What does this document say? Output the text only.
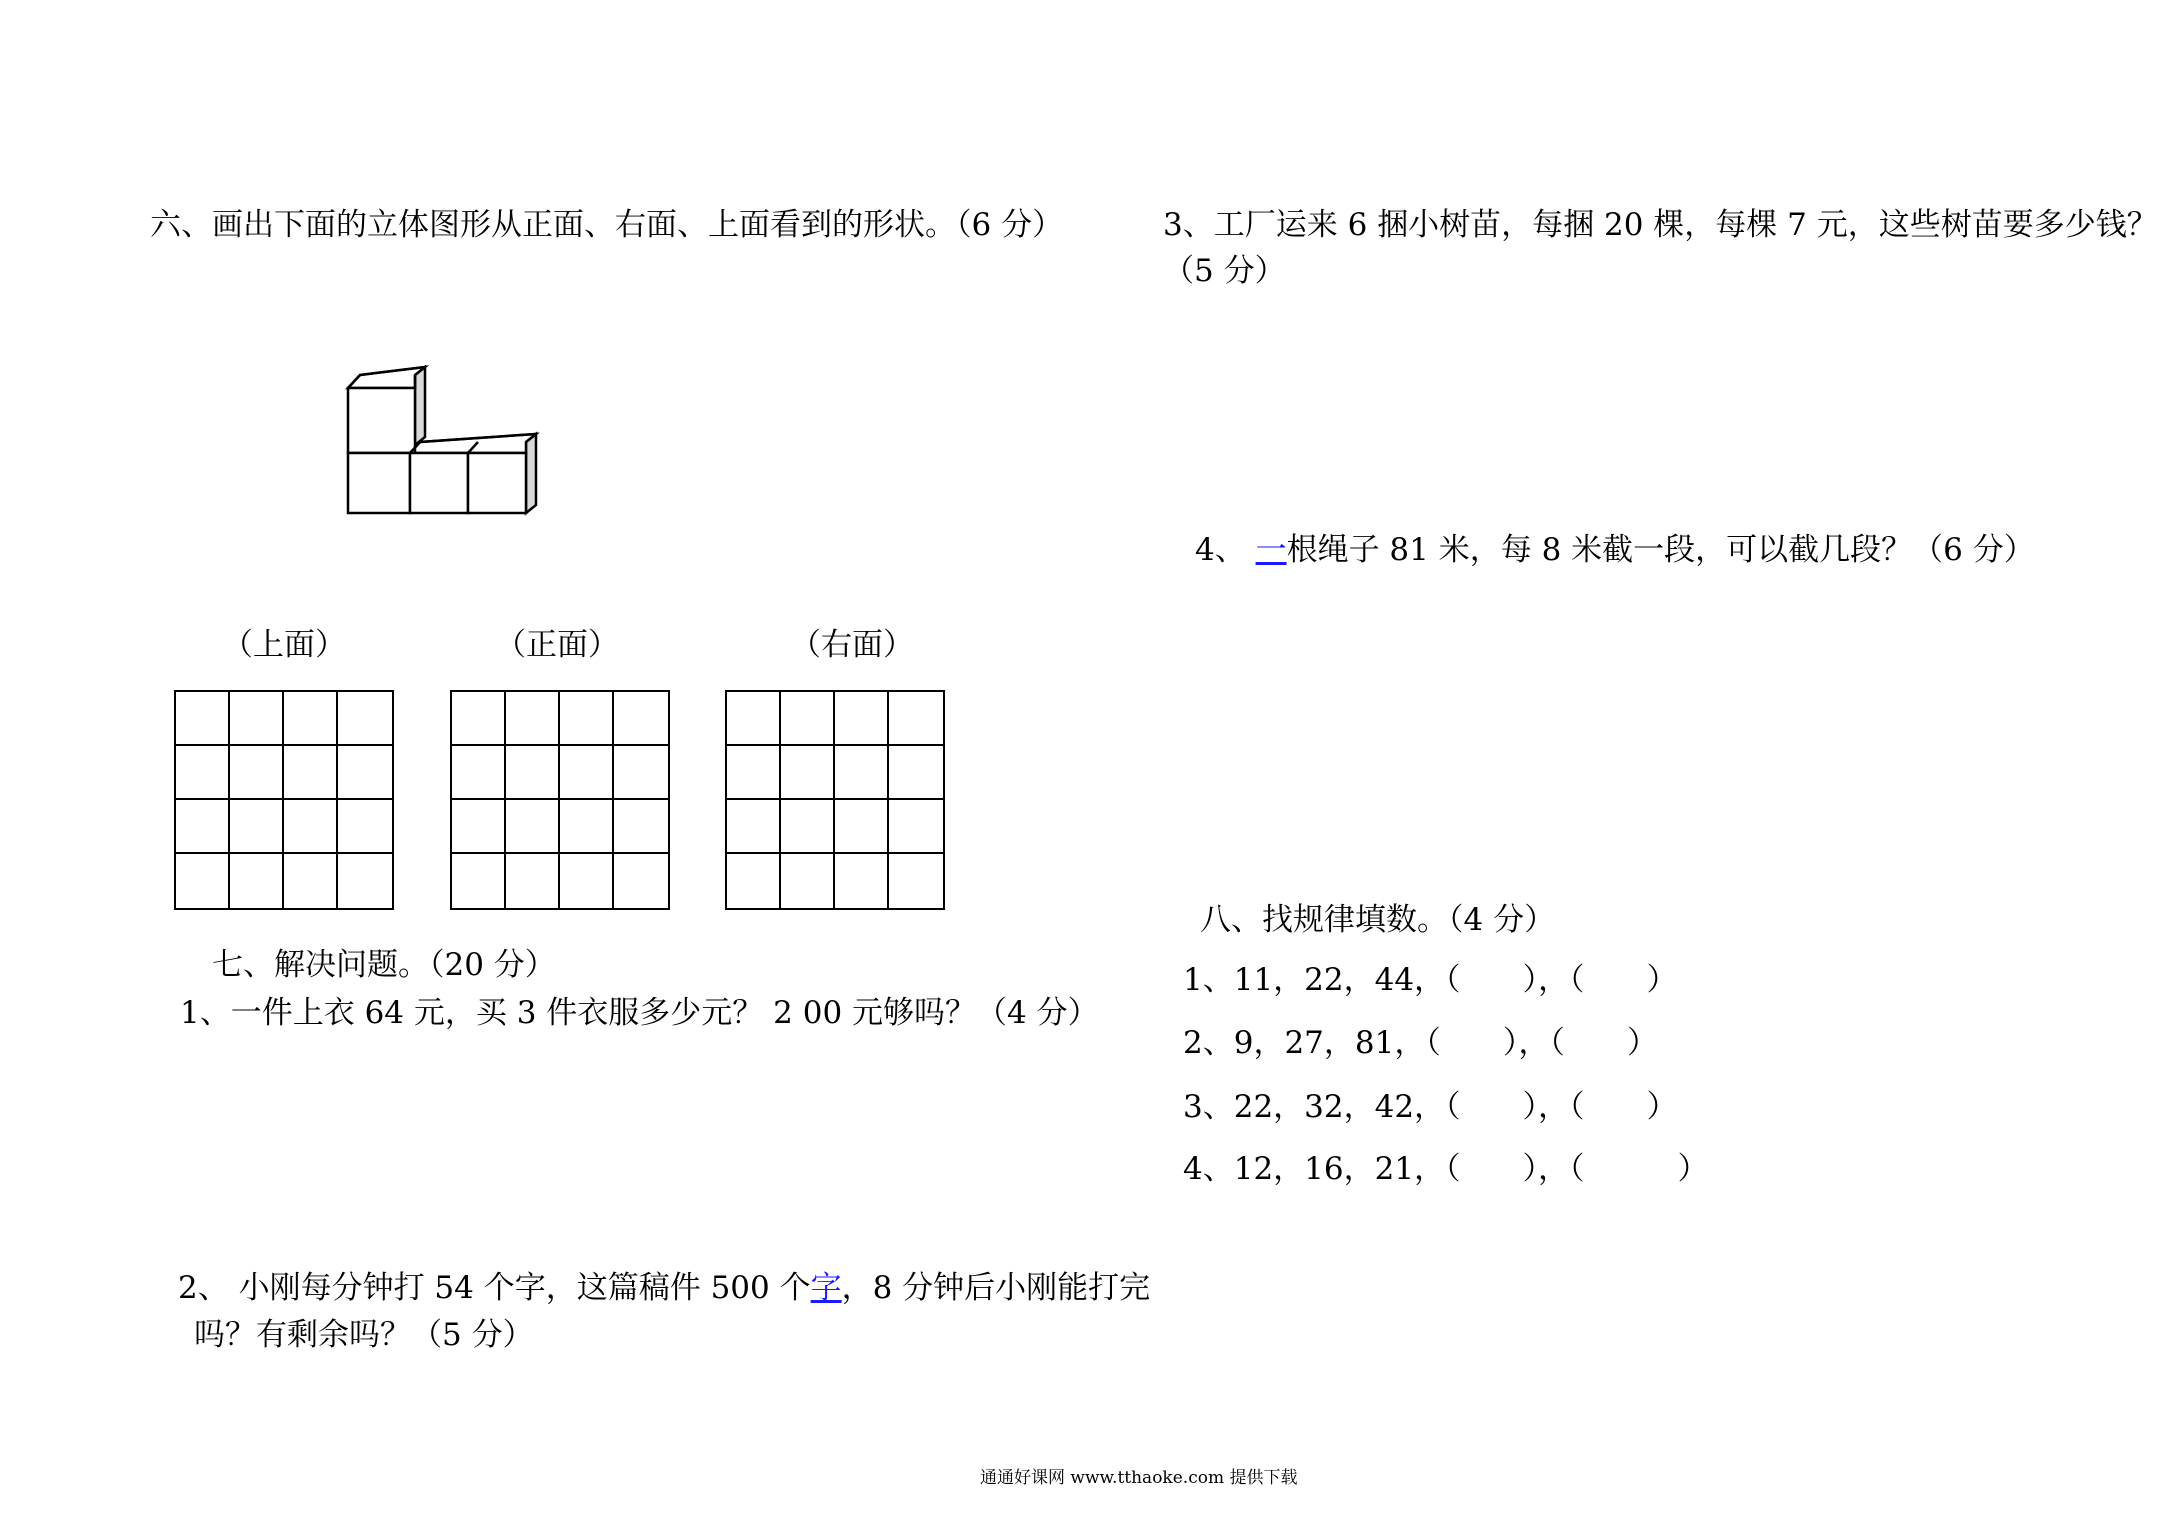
六、画出下面的立体图形从正面、右面、上面看到的形状。（6 分）
（上面）	（正面）	（右面）
七、解决问题。（20 分）
1、一件上衣 64 元，买 3 件衣服多少元？ 2 00 元够吗？（4 分）
2、 小刚每分钟打 54 个字，这篇稿件 500 个字，8 分钟后小刚能打完
吗？有剩余吗？（5 分）
3、工厂运来 6 捆小树苗，每捆 20 棵，每棵 7 元，这些树苗要多少钱？
（5 分）
4、 一根绳子 81 米，每 8 米截一段，可以截几段？（6 分）
八、找规律填数。（4 分）
1、11，22，44，（　　），（　　）
2、9，27，81，（　　），（　　）
3、22，32，42，（　　），（　　）
4、12，16，21，（　　），（　　　）
通通好课网 www.tthaoke.com 提供下载
